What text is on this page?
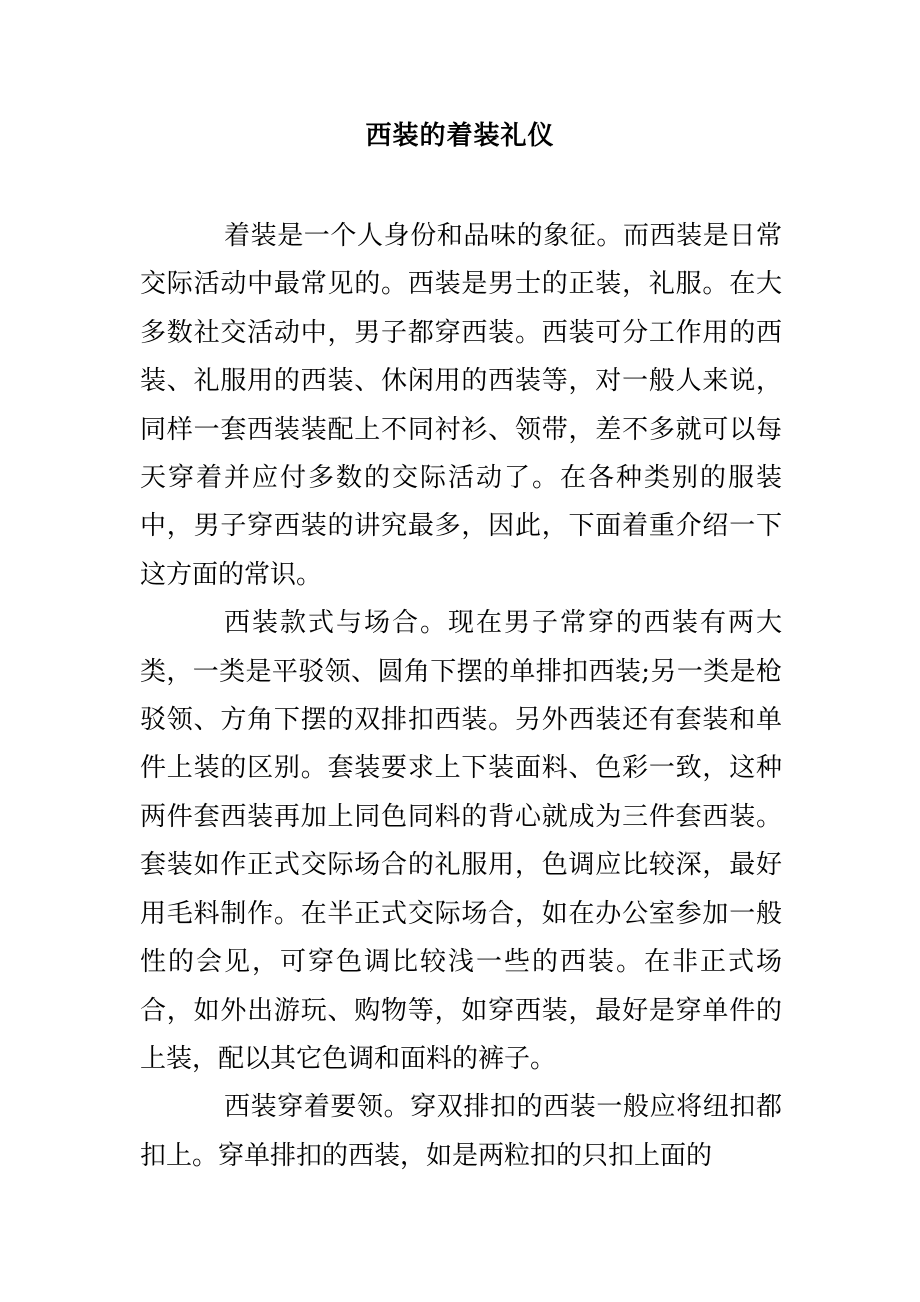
西装的着装礼仪

着装是一个人身份和品味的象征。而西装是日常交际活动中最常见的。西装是男士的正装，礼服。在大多数社交活动中，男子都穿西装。西装可分工作用的西装、礼服用的西装、休闲用的西装等，对一般人来说，同样一套西装装配上不同衬衫、领带，差不多就可以每天穿着并应付多数的交际活动了。在各种类别的服装中，男子穿西装的讲究最多，因此，下面着重介绍一下这方面的常识。

西装款式与场合。现在男子常穿的西装有两大类，一类是平驳领、圆角下摆的单排扣西装;另一类是枪驳领、方角下摆的双排扣西装。另外西装还有套装和单件上装的区别。套装要求上下装面料、色彩一致，这种两件套西装再加上同色同料的背心就成为三件套西装。套装如作正式交际场合的礼服用，色调应比较深，最好用毛料制作。在半正式交际场合，如在办公室参加一般性的会见，可穿色调比较浅一些的西装。在非正式场合，如外出游玩、购物等，如穿西装，最好是穿单件的上装，配以其它色调和面料的裤子。

西装穿着要领。穿双排扣的西装一般应将纽扣都扣上。穿单排扣的西装，如是两粒扣的只扣上面的
